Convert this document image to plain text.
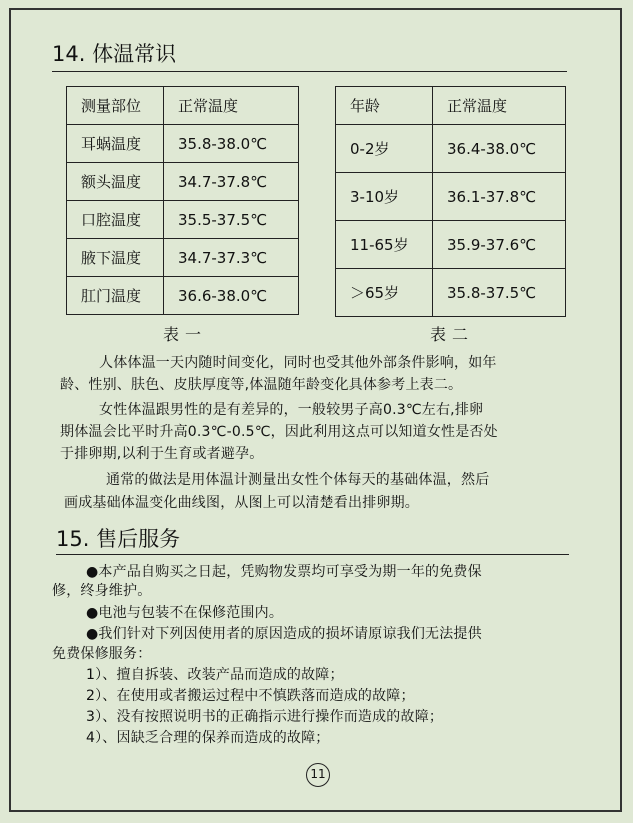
14. 体温常识
测量部位	正常温度
耳蜗温度	35.8-38.0℃
额头温度	34.7-37.8℃
口腔温度	35.5-37.5℃
腋下温度	34.7-37.3℃
肛门温度	36.6-38.0℃
表一
年龄	正常温度
0-2岁	36.4-38.0℃
3-10岁	36.1-37.8℃
11-65岁	35.9-37.6℃
＞65岁	35.8-37.5℃
表二
人体体温一天内随时间变化，同时也受其他外部条件影响，如年
龄、性别、肤色、皮肤厚度等,体温随年龄变化具体参考上表二。
女性体温跟男性的是有差异的，一般较男子高0.3℃左右,排卵
期体温会比平时升高0.3℃-0.5℃，因此利用这点可以知道女性是否处
于排卵期,以利于生育或者避孕。
通常的做法是用体温计测量出女性个体每天的基础体温，然后
画成基础体温变化曲线图，从图上可以清楚看出排卵期。
15. 售后服务
●本产品自购买之日起，凭购物发票均可享受为期一年的免费保
修，终身维护。
●电池与包装不在保修范围内。
●我们针对下列因使用者的原因造成的损坏请原谅我们无法提供
免费保修服务：
1）、擅自拆装、改装产品而造成的故障；
2）、在使用或者搬运过程中不慎跌落而造成的故障；
3）、没有按照说明书的正确指示进行操作而造成的故障；
4）、因缺乏合理的保养而造成的故障；
11
